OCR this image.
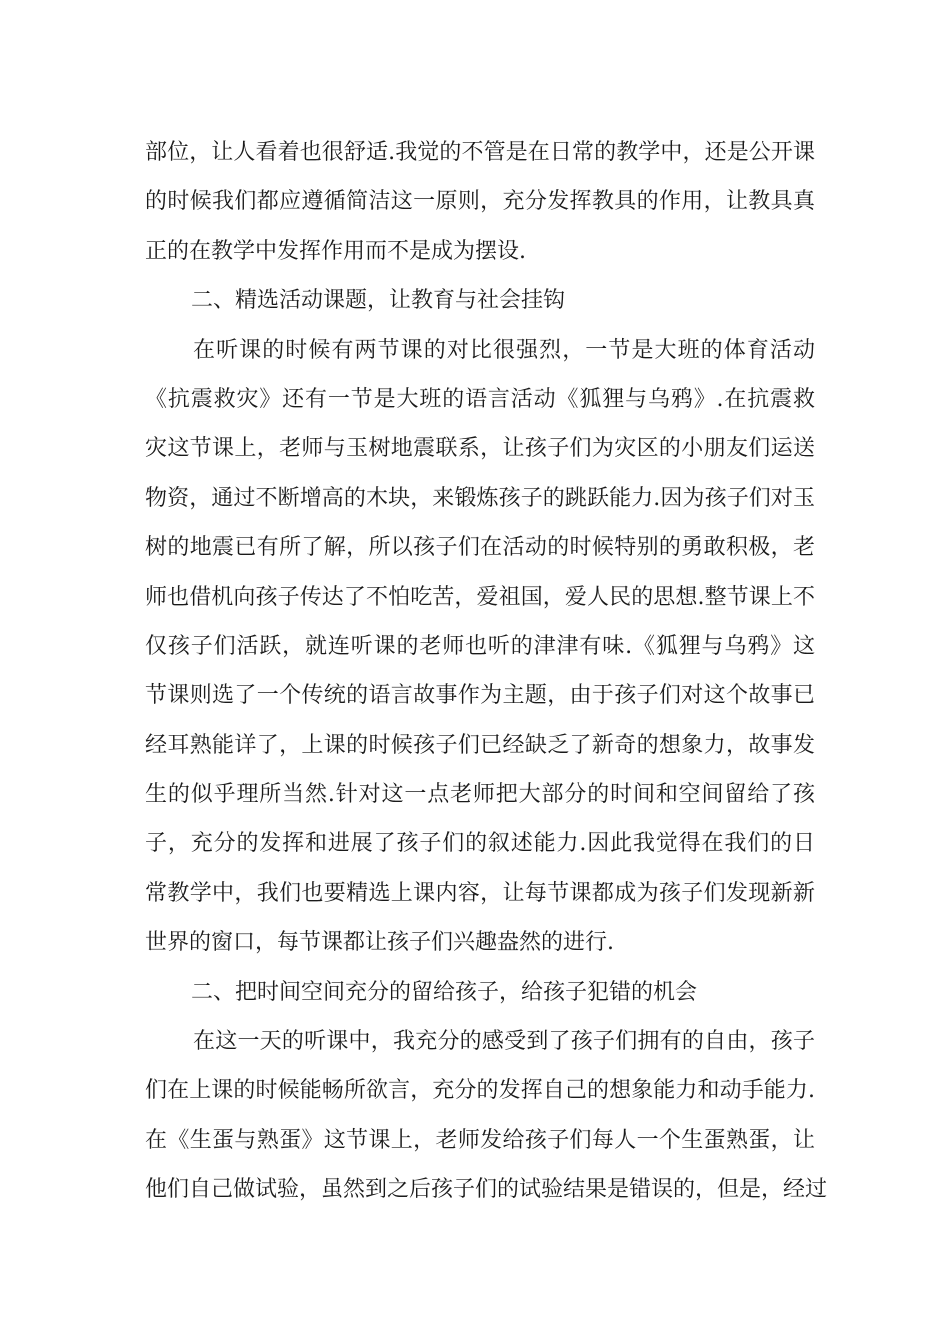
部位，让人看着也很舒适.我觉的不管是在日常的教学中，还是公开课
的时候我们都应遵循简洁这一原则，充分发挥教具的作用，让教具真
正的在教学中发挥作用而不是成为摆设.
二、精选活动课题，让教育与社会挂钩
在听课的时候有两节课的对比很强烈，一节是大班的体育活动
《抗震救灾》还有一节是大班的语言活动《狐狸与乌鸦》.在抗震救
灾这节课上，老师与玉树地震联系，让孩子们为灾区的小朋友们运送
物资，通过不断增高的木块，来锻炼孩子的跳跃能力.因为孩子们对玉
树的地震已有所了解，所以孩子们在活动的时候特别的勇敢积极，老
师也借机向孩子传达了不怕吃苦，爱祖国，爱人民的思想.整节课上不
仅孩子们活跃，就连听课的老师也听的津津有味.《狐狸与乌鸦》这
节课则选了一个传统的语言故事作为主题，由于孩子们对这个故事已
经耳熟能详了，上课的时候孩子们已经缺乏了新奇的想象力，故事发
生的似乎理所当然.针对这一点老师把大部分的时间和空间留给了孩
子，充分的发挥和进展了孩子们的叙述能力.因此我觉得在我们的日
常教学中，我们也要精选上课内容，让每节课都成为孩子们发现新新
世界的窗口，每节课都让孩子们兴趣盎然的进行.
二、把时间空间充分的留给孩子，给孩子犯错的机会
在这一天的听课中，我充分的感受到了孩子们拥有的自由，孩子
们在上课的时候能畅所欲言，充分的发挥自己的想象能力和动手能力.
在《生蛋与熟蛋》这节课上，老师发给孩子们每人一个生蛋熟蛋，让
他们自己做试验，虽然到之后孩子们的试验结果是错误的，但是，经过
